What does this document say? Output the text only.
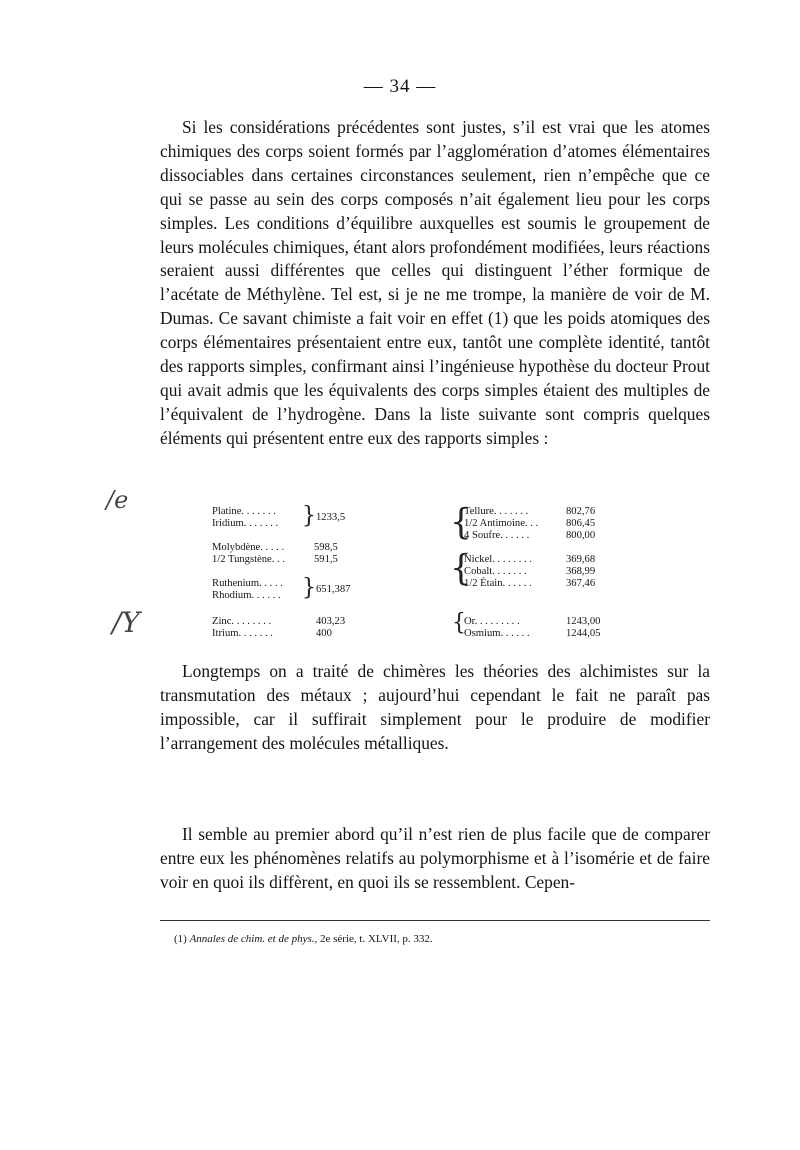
— 34 —

Si les considérations précédentes sont justes, s’il est vrai que les atomes chimiques des corps soient formés par l’agglomération d’atomes élémentaires dissociables dans certaines circonstances seulement, rien n’empêche que ce qui se passe au sein des corps composés n’ait également lieu pour les corps simples. Les conditions d’équilibre auxquelles est soumis le groupement de leurs molécules chimiques, étant alors profondément modifiées, leurs réactions seraient aussi différentes que celles qui distinguent l’éther formique de l’acétate de Méthylène. Tel est, si je ne me trompe, la manière de voir de M. Dumas. Ce savant chimiste a fait voir en effet (1) que les poids atomiques des corps élémentaires présentaient entre eux, tantôt une complète identité, tantôt des rapports simples, confirmant ainsi l’ingénieuse hypothèse du docteur Prout qui avait admis que les équivalents des corps simples étaient des multiples de l’équivalent de l’hydrogène. Dans la liste suivante sont compris quelques éléments qui présentent entre eux des rapports simples :

/e
/Y
Platine. . . . . . .
Iridium. . . . . . . } 1233,5
Molybdène. . . . .	598,5
1/2 Tungstène. . .	591,5
Ruthenium. . . . .
Rhodium. . . . . . } 651,387
Zinc. . . . . . . .	403,23
Itrium. . . . . . .	400
{
Tellure. . . . . . .	802,76
1/2 Antimoine. . .	806,45
4 Soufre. . . . . .	800,00
{
Nickel. . . . . . . .	369,68
Cobalt. . . . . . .	368,99
1/2 Étain. . . . . .	367,46
{
Or. . . . . . . . .	1243,00
Osmium. . . . . .	1244,05

Longtemps on a traité de chimères les théories des alchimistes sur la transmutation des métaux ; aujourd’hui cependant le fait ne paraît pas impossible, car il suffirait simplement pour le produire de modifier l’arrangement des molécules métalliques.

Il semble au premier abord qu’il n’est rien de plus facile que de comparer entre eux les phénomènes relatifs au polymorphisme et à l’isomérie et de faire voir en quoi ils diffèrent, en quoi ils se ressemblent. Cepen-

(1) Annales de chim. et de phys., 2e série, t. XLVII, p. 332.
